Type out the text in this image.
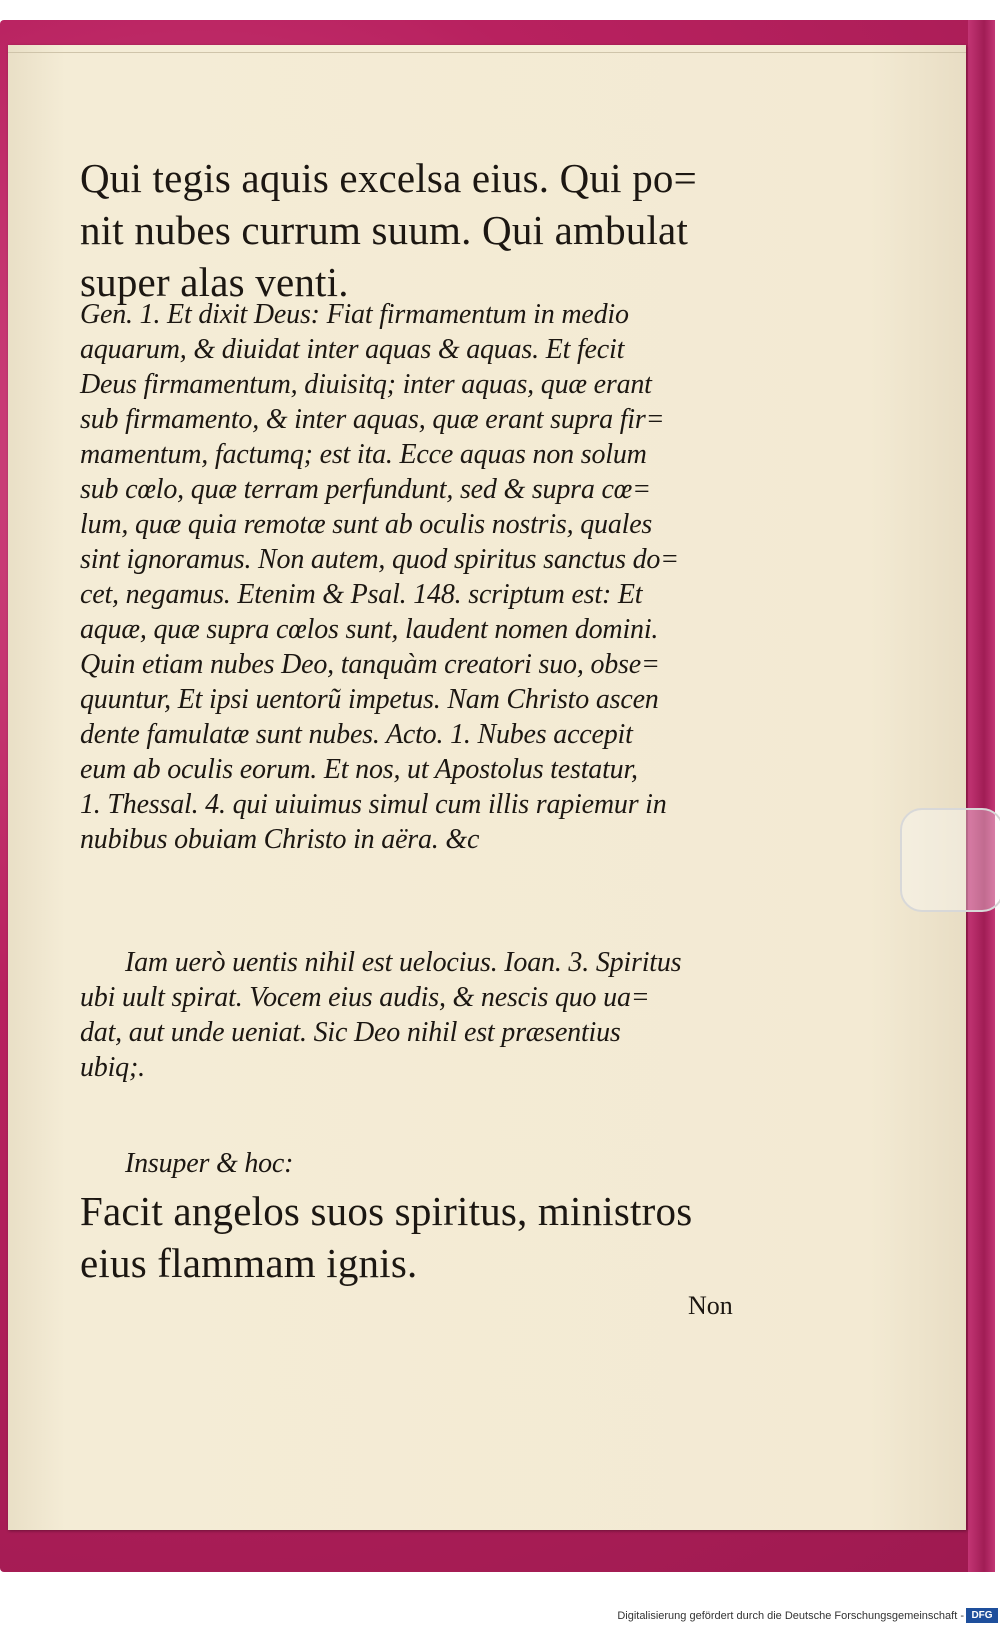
Qui tegis aquis excelsa eius. Qui po=
nit nubes currum suum. Qui ambulat
super alas venti.
Gen. 1. Et dixit Deus: Fiat firmamentum in medio
aquarum, & diuidat inter aquas & aquas. Et fecit
Deus firmamentum, diuisitq; inter aquas, quæ erant
sub firmamento, & inter aquas, quæ erant supra fir=
mamentum, factumq; est ita. Ecce aquas non solum
sub cœlo, quæ terram perfundunt, sed & supra cœ=
lum, quæ quia remotæ sunt ab oculis nostris, quales
sint ignoramus. Non autem, quod spiritus sanctus do=
cet, negamus. Etenim & Psal. 148. scriptum est: Et
aquæ, quæ supra cœlos sunt, laudent nomen domini.
Quin etiam nubes Deo, tanquàm creatori suo, obse=
quuntur, Et ipsi uentorũ impetus. Nam Christo ascen
dente famulatæ sunt nubes. Acto. 1. Nubes accepit
eum ab oculis eorum. Et nos, ut Apostolus testatur,
1. Thessal. 4. qui uiuimus simul cum illis rapiemur in
nubibus obuiam Christo in aëra. &c
Iam uerò uentis nihil est uelocius. Ioan. 3. Spiritus
ubi uult spirat. Vocem eius audis, & nescis quo ua=
dat, aut unde ueniat. Sic Deo nihil est præsentius
ubiq;.
Insuper & hoc:
Facit angelos suos spiritus, ministros
eius flammam ignis.
Non
Digitalisierung gefördert durch die Deutsche Forschungsgemeinschaft - DFG
